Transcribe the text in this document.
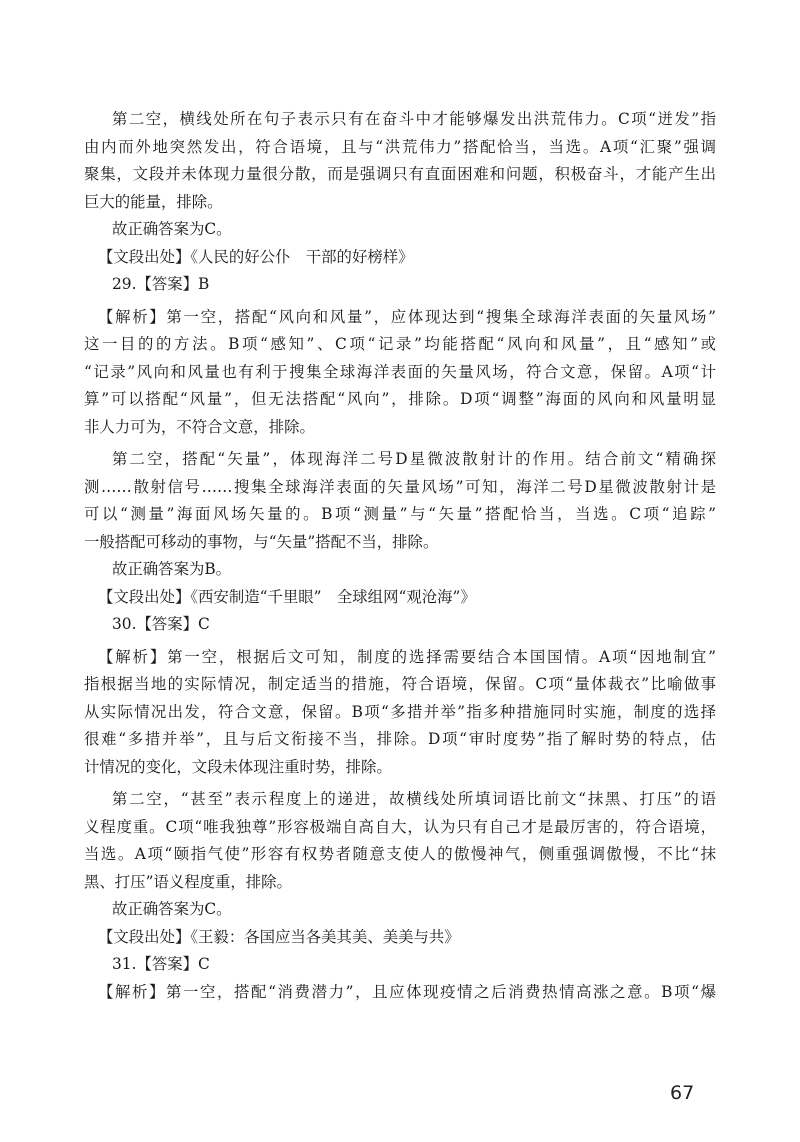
第二空，横线处所在句子表示只有在奋斗中才能够爆发出洪荒伟力。C项“迸发”指
由内而外地突然发出，符合语境，且与“洪荒伟力”搭配恰当，当选。A项“汇聚”强调
聚集，文段并未体现力量很分散，而是强调只有直面困难和问题，积极奋斗，才能产生出
巨大的能量，排除。
故正确答案为C。
【文段出处】《人民的好公仆　干部的好榜样》
29.【答案】B
【解析】第一空，搭配“风向和风量”，应体现达到“搜集全球海洋表面的矢量风场”
这一目的的方法。B项“感知”、C项“记录”均能搭配“风向和风量”，且“感知”或
“记录”风向和风量也有利于搜集全球海洋表面的矢量风场，符合文意，保留。A项“计
算”可以搭配“风量”，但无法搭配“风向”，排除。D项“调整”海面的风向和风量明显
非人力可为，不符合文意，排除。
第二空，搭配“矢量”，体现海洋二号D星微波散射计的作用。结合前文“精确探
测……散射信号……搜集全球海洋表面的矢量风场”可知，海洋二号D星微波散射计是
可以“测量”海面风场矢量的。B项“测量”与“矢量”搭配恰当，当选。C项“追踪”
一般搭配可移动的事物，与“矢量”搭配不当，排除。
故正确答案为B。
【文段出处】《西安制造“千里眼”　全球组网“观沧海”》
30.【答案】C
【解析】第一空，根据后文可知，制度的选择需要结合本国国情。A项“因地制宜”
指根据当地的实际情况，制定适当的措施，符合语境，保留。C项“量体裁衣”比喻做事
从实际情况出发，符合文意，保留。B项“多措并举”指多种措施同时实施，制度的选择
很难“多措并举”，且与后文衔接不当，排除。D项“审时度势”指了解时势的特点，估
计情况的变化，文段未体现注重时势，排除。
第二空，“甚至”表示程度上的递进，故横线处所填词语比前文“抹黑、打压”的语
义程度重。C项“唯我独尊”形容极端自高自大，认为只有自己才是最厉害的，符合语境，
当选。A项“颐指气使”形容有权势者随意支使人的傲慢神气，侧重强调傲慢，不比“抹
黑、打压”语义程度重，排除。
故正确答案为C。
【文段出处】《王毅：各国应当各美其美、美美与共》
31.【答案】C
【解析】第一空，搭配“消费潜力”，且应体现疫情之后消费热情高涨之意。B项“爆
67
